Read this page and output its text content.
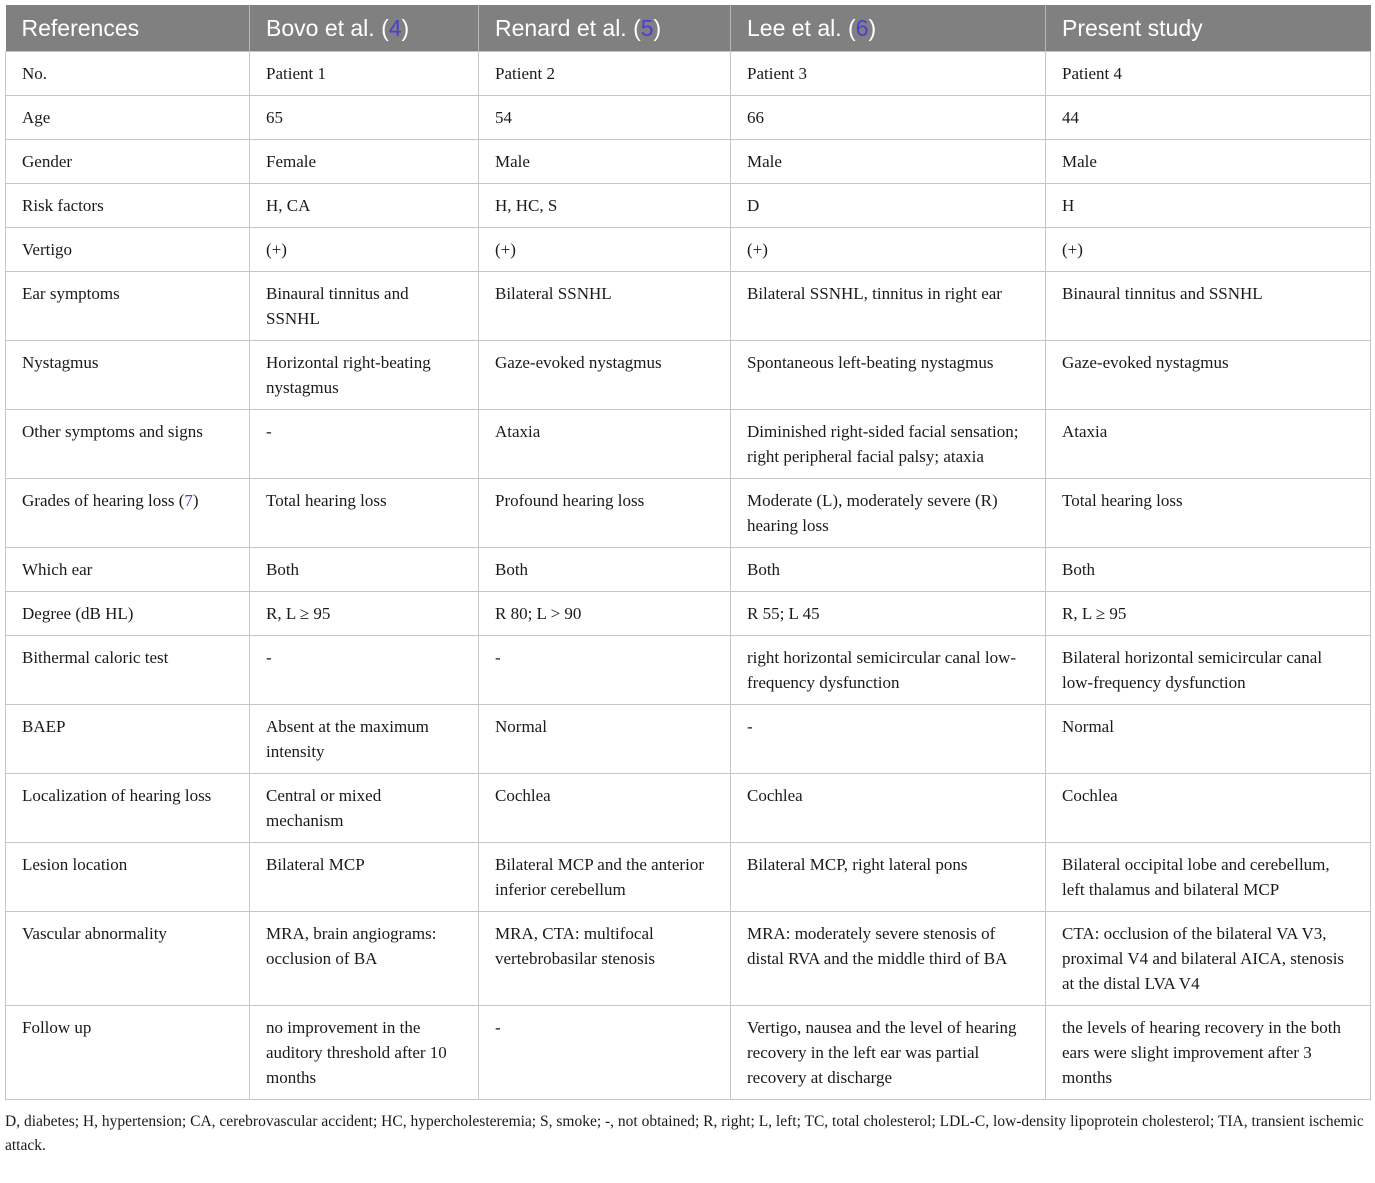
References	Bovo et al. (4)	Renard et al. (5)	Lee et al. (6)	Present study
No.	Patient 1	Patient 2	Patient 3	Patient 4
Age	65	54	66	44
Gender	Female	Male	Male	Male
Risk factors	H, CA	H, HC, S	D	H
Vertigo	(+)	(+)	(+)	(+)
Ear symptoms	Binaural tinnitus and SSNHL	Bilateral SSNHL	Bilateral SSNHL, tinnitus in right ear	Binaural tinnitus and SSNHL
Nystagmus	Horizontal right-beating nystagmus	Gaze-evoked nystagmus	Spontaneous left-beating nystagmus	Gaze-evoked nystagmus
Other symptoms and signs	-	Ataxia	Diminished right-sided facial sensation; right peripheral facial palsy; ataxia	Ataxia
Grades of hearing loss (7)	Total hearing loss	Profound hearing loss	Moderate (L), moderately severe (R) hearing loss	Total hearing loss
Which ear	Both	Both	Both	Both
Degree (dB HL)	R, L ≥ 95	R 80; L > 90	R 55; L 45	R, L ≥ 95
Bithermal caloric test	-	-	right horizontal semicircular canal low-frequency dysfunction	Bilateral horizontal semicircular canal low-frequency dysfunction
BAEP	Absent at the maximum intensity	Normal	-	Normal
Localization of hearing loss	Central or mixed mechanism	Cochlea	Cochlea	Cochlea
Lesion location	Bilateral MCP	Bilateral MCP and the anterior inferior cerebellum	Bilateral MCP, right lateral pons	Bilateral occipital lobe and cerebellum, left thalamus and bilateral MCP
Vascular abnormality	MRA, brain angiograms: occlusion of BA	MRA, CTA: multifocal vertebrobasilar stenosis	MRA: moderately severe stenosis of distal RVA and the middle third of BA	CTA: occlusion of the bilateral VA V3, proximal V4 and bilateral AICA, stenosis at the distal LVA V4
Follow up	no improvement in the auditory threshold after 10 months	-	Vertigo, nausea and the level of hearing recovery in the left ear was partial recovery at discharge	the levels of hearing recovery in the both ears were slight improvement after 3 months
D, diabetes; H, hypertension; CA, cerebrovascular accident; HC, hypercholesteremia; S, smoke; -, not obtained; R, right; L, left; TC, total cholesterol; LDL-C, low-density lipoprotein cholesterol; TIA, transient ischemic attack.
